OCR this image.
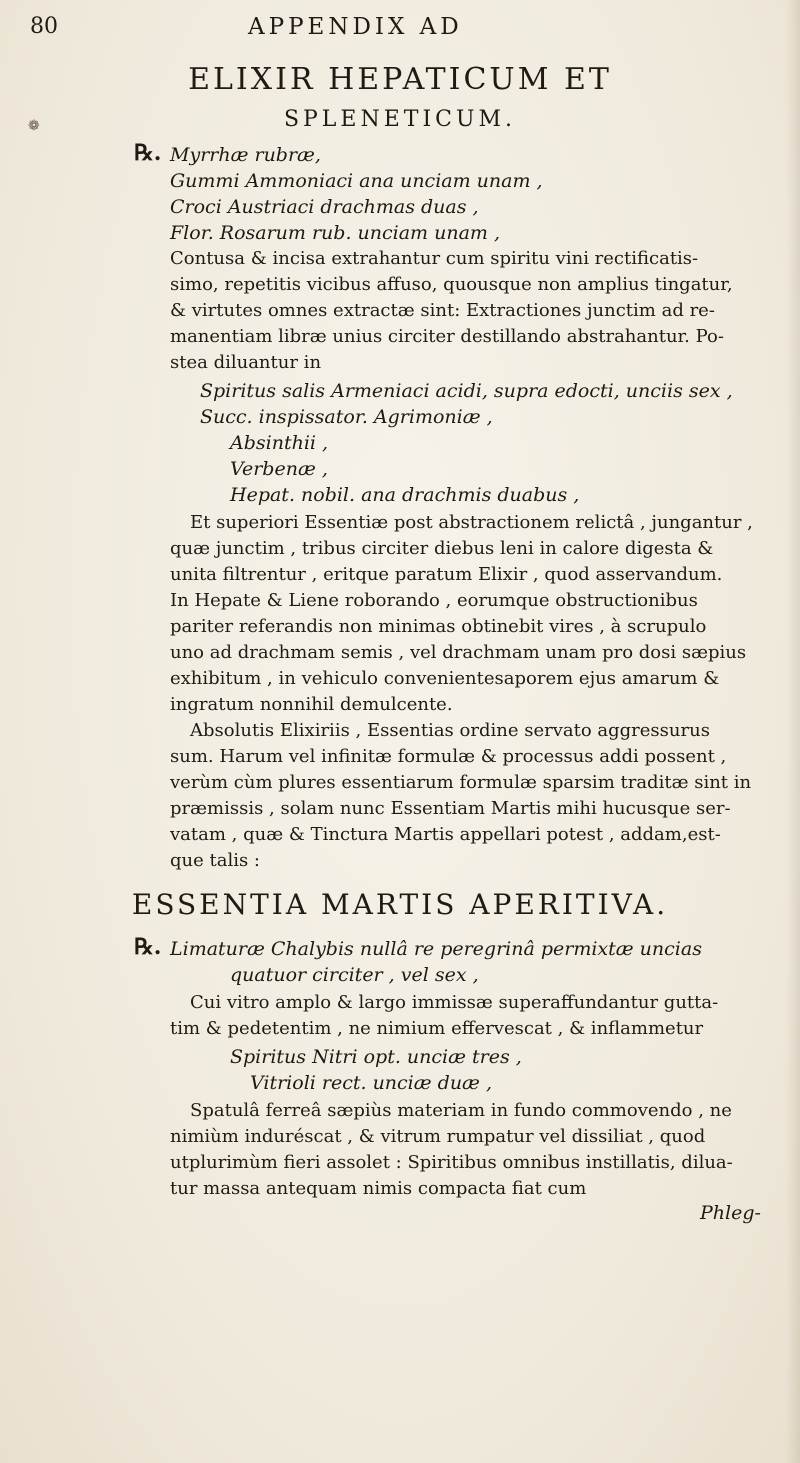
80	APPENDIX AD
❁
ELIXIR HEPATICUM ET
SPLENETICUM.
℞. Myrrhæ rubræ,
Gummi Ammoniaci ana unciam unam ,
Croci Austriaci drachmas duas ,
Flor. Rosarum rub. unciam unam ,
Contusa & incisa extrahantur cum spiritu vini rectificatis-
simo, repetitis vicibus affuso, quousque non amplius tingatur,
& virtutes omnes extractæ sint: Extractiones junctim ad re-
manentiam libræ unius circiter destillando abstrahantur. Po-
stea diluantur in
Spiritus salis Armeniaci acidi, supra edocti, unciis sex ,
Succ. inspissator. Agrimoniæ ,
Absinthii ,
Verbenæ ,
Hepat. nobil. ana drachmis duabus ,
Et superiori Essentiæ post abstractionem relictâ , jungantur ,
quæ junctim , tribus circiter diebus leni in calore digesta &
unita filtrentur , eritque paratum Elixir , quod asservandum.
In Hepate & Liene roborando , eorumque obstructionibus
pariter referandis non minimas obtinebit vires , à scrupulo
uno ad drachmam semis , vel drachmam unam pro dosi sæpius
exhibitum , in vehiculo convenientesaporem ejus amarum &
ingratum nonnihil demulcente.
Absolutis Elixiriis , Essentias ordine servato aggressurus
sum. Harum vel infinitæ formulæ & processus addi possent ,
verùm cùm plures essentiarum formulæ sparsim traditæ sint in
præmissis , solam nunc Essentiam Martis mihi hucusque ser-
vatam , quæ & Tinctura Martis appellari potest , addam,est-
que talis :
ESSENTIA MARTIS APERITIVA.
℞. Limaturæ Chalybis nullâ re peregrinâ permixtæ uncias
quatuor circiter , vel sex ,
Cui vitro amplo & largo immissæ superaffundantur gutta-
tim & pedetentim , ne nimium effervescat , & inflammetur
Spiritus Nitri opt. unciæ tres ,
Vitrioli rect. unciæ duæ ,
Spatulâ ferreâ sæpiùs materiam in fundo commovendo , ne
nimiùm induréscat , & vitrum rumpatur vel dissiliat , quod
utplurimùm fieri assolet : Spiritibus omnibus instillatis, dilua-
tur massa antequam nimis compacta fiat cum
Phleg-
